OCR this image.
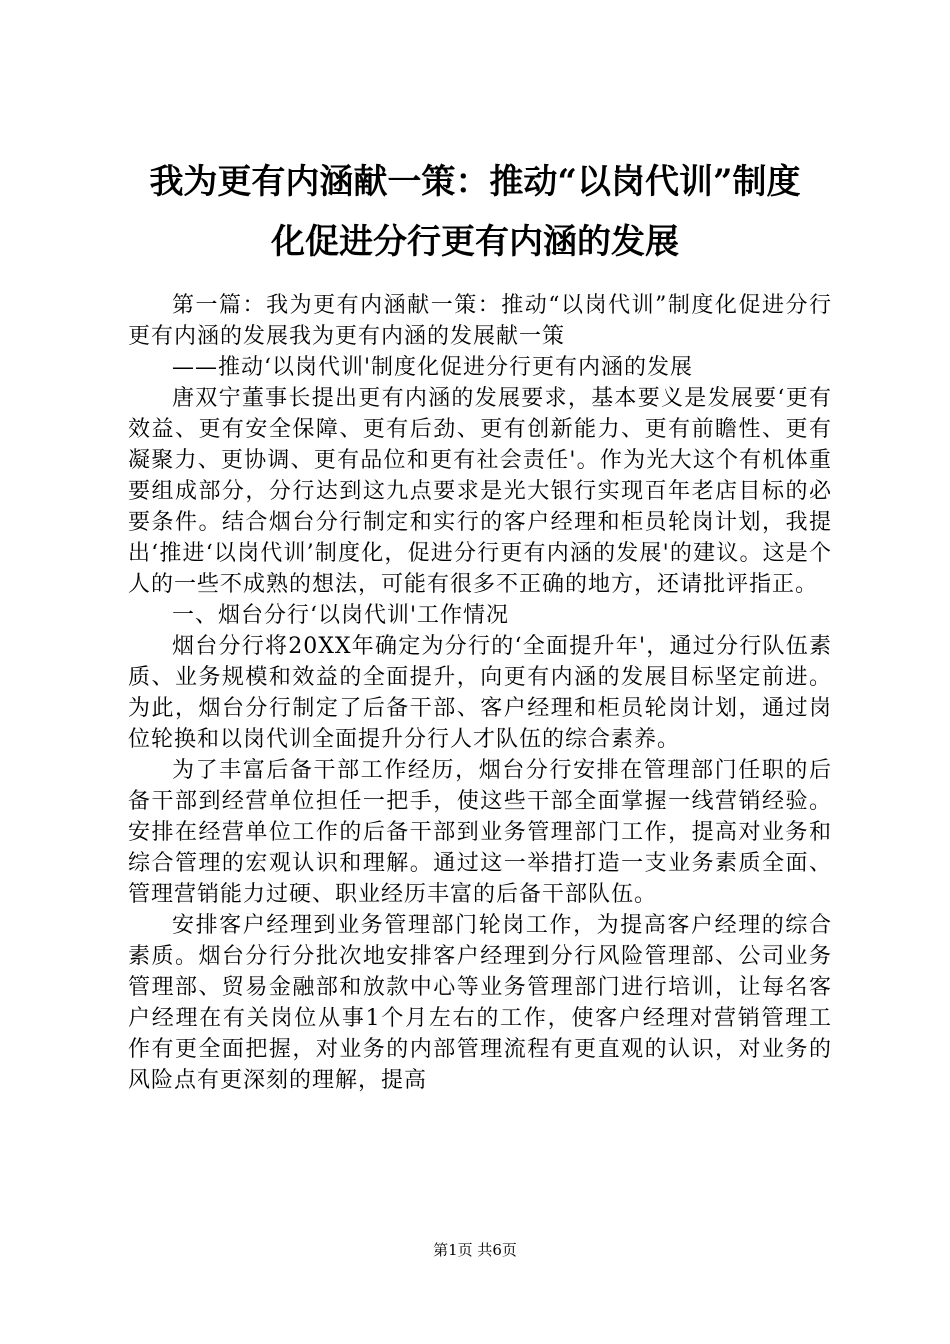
我为更有内涵献一策：推动“以岗代训”制度
化促进分行更有内涵的发展

第一篇：我为更有内涵献一策：推动“以岗代训”制度化促进分行更有内涵的发展我为更有内涵的发展献一策

——推动‘以岗代训'制度化促进分行更有内涵的发展

唐双宁董事长提出更有内涵的发展要求，基本要义是发展要‘更有效益、更有安全保障、更有后劲、更有创新能力、更有前瞻性、更有凝聚力、更协调、更有品位和更有社会责任'。作为光大这个有机体重要组成部分，分行达到这九点要求是光大银行实现百年老店目标的必要条件。结合烟台分行制定和实行的客户经理和柜员轮岗计划，我提出‘推进‘以岗代训’制度化，促进分行更有内涵的发展'的建议。这是个人的一些不成熟的想法，可能有很多不正确的地方，还请批评指正。

一、烟台分行‘以岗代训'工作情况

烟台分行将20XX年确定为分行的‘全面提升年'，通过分行队伍素质、业务规模和效益的全面提升，向更有内涵的发展目标坚定前进。为此，烟台分行制定了后备干部、客户经理和柜员轮岗计划，通过岗位轮换和以岗代训全面提升分行人才队伍的综合素养。

为了丰富后备干部工作经历，烟台分行安排在管理部门任职的后备干部到经营单位担任一把手，使这些干部全面掌握一线营销经验。安排在经营单位工作的后备干部到业务管理部门工作，提高对业务和综合管理的宏观认识和理解。通过这一举措打造一支业务素质全面、管理营销能力过硬、职业经历丰富的后备干部队伍。

安排客户经理到业务管理部门轮岗工作，为提高客户经理的综合素质。烟台分行分批次地安排客户经理到分行风险管理部、公司业务管理部、贸易金融部和放款中心等业务管理部门进行培训，让每名客户经理在有关岗位从事1个月左右的工作，使客户经理对营销管理工作有更全面把握，对业务的内部管理流程有更直观的认识，对业务的风险点有更深刻的理解，提高

第1页 共6页
